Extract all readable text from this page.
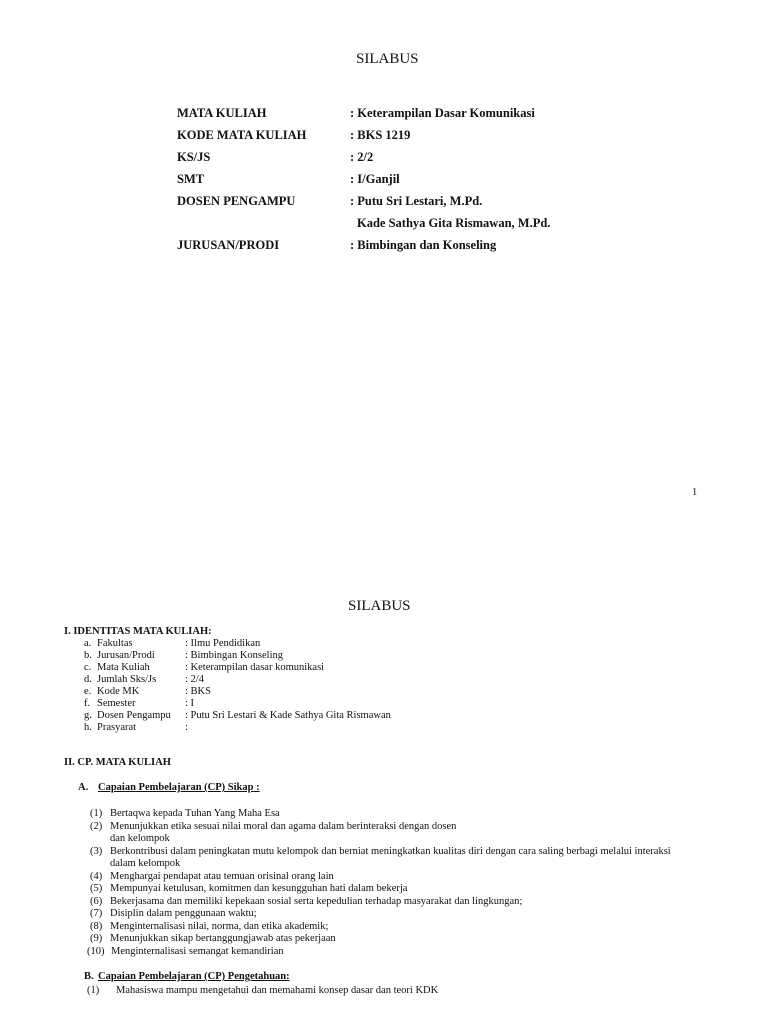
SILABUS
MATA KULIAH	: Keterampilan Dasar Komunikasi
KODE MATA KULIAH	: BKS 1219
KS/JS	: 2/2
SMT	: I/Ganjil
DOSEN PENGAMPU	: Putu Sri Lestari, M.Pd.
Kade Sathya Gita Rismawan, M.Pd.
JURUSAN/PRODI	: Bimbingan dan Konseling
1
SILABUS
I. IDENTITAS MATA KULIAH:
a. Fakultas	: Ilmu Pendidikan
b. Jurusan/Prodi	: Bimbingan Konseling
c. Mata Kuliah	: Keterampilan dasar komunikasi
d. Jumlah Sks/Js	: 2/4
e. Kode MK	: BKS
f. Semester	: I
g. Dosen Pengampu : Putu Sri Lestari & Kade Sathya Gita Rismawan
h. Prasyarat	:
II. CP. MATA KULIAH
A. Capaian Pembelajaran (CP) Sikap :
(1) Bertaqwa kepada Tuhan Yang Maha Esa
(2) Menunjukkan etika sesuai nilai moral dan agama dalam berinteraksi dengan dosen
dan kelompok
(3) Berkontribusi dalam peningkatan mutu kelompok dan berniat meningkatkan kualitas diri dengan cara saling berbagi melalui interaksi
dalam kelompok
(4) Menghargai pendapat atau temuan orisinal orang lain
(5) Mempunyai ketulusan, komitmen dan kesungguhan hati dalam bekerja
(6) Bekerjasama dan memiliki kepekaan sosial serta kepedulian terhadap masyarakat dan lingkungan;
(7) Disiplin dalam penggunaan waktu;
(8) Menginternalisasi nilai, norma, dan etika akademik;
(9) Menunjukkan sikap bertanggungjawab atas pekerjaan
(10) Menginternalisasi semangat kemandirian
B. Capaian Pembelajaran (CP) Pengetahuan:
(1) Mahasiswa mampu mengetahui dan memahami konsep dasar dan teori KDK
